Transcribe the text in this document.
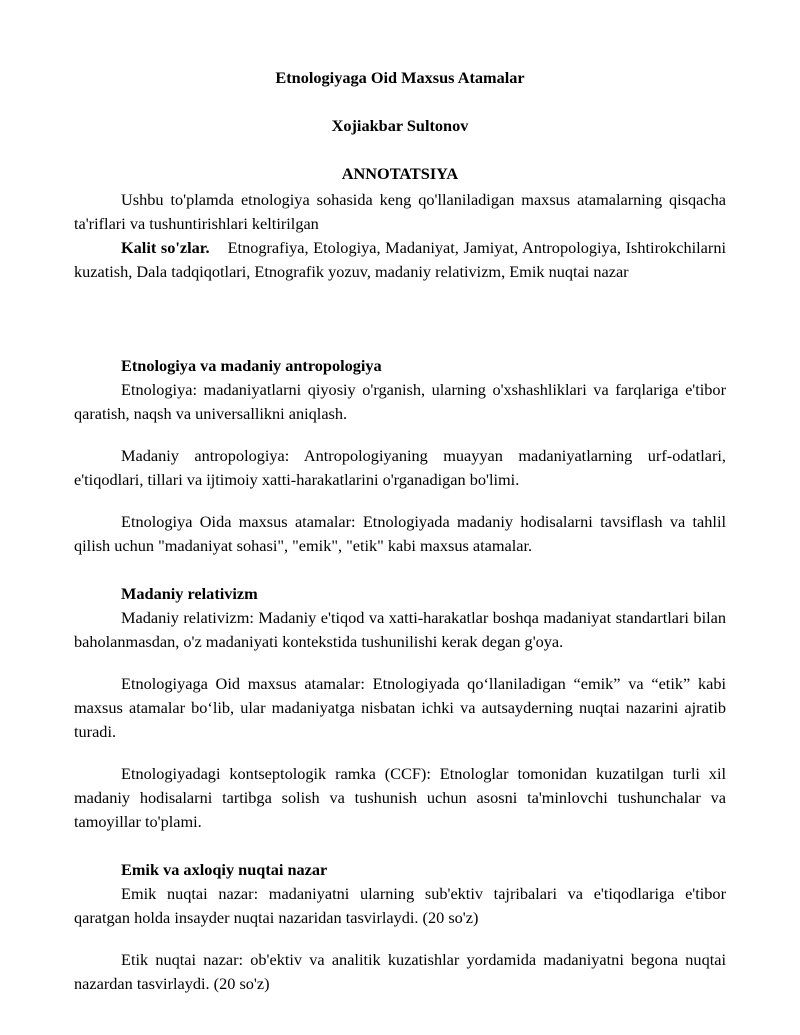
Etnologiyaga Oid Maxsus Atamalar

Xojiakbar Sultonov

ANNOTATSIYA

Ushbu to'plamda etnologiya sohasida keng qo'llaniladigan maxsus atamalarning qisqacha ta'riflari va tushuntirishlari keltirilgan

Kalit so'zlar. Etnografiya, Etologiya, Madaniyat, Jamiyat, Antropologiya, Ishtirokchilarni kuzatish, Dala tadqiqotlari, Etnografik yozuv, madaniy relativizm, Emik nuqtai nazar

Etnologiya va madaniy antropologiya

Etnologiya: madaniyatlarni qiyosiy o'rganish, ularning o'xshashliklari va farqlariga e'tibor qaratish, naqsh va universallikni aniqlash.

Madaniy antropologiya: Antropologiyaning muayyan madaniyatlarning urf-odatlari, e'tiqodlari, tillari va ijtimoiy xatti-harakatlarini o'rganadigan bo'limi.

Etnologiya Oida maxsus atamalar: Etnologiyada madaniy hodisalarni tavsiflash va tahlil qilish uchun "madaniyat sohasi", "emik", "etik" kabi maxsus atamalar.

Madaniy relativizm

Madaniy relativizm: Madaniy e'tiqod va xatti-harakatlar boshqa madaniyat standartlari bilan baholanmasdan, o'z madaniyati kontekstida tushunilishi kerak degan g'oya.

Etnologiyaga Oid maxsus atamalar: Etnologiyada qo‘llaniladigan “emik” va “etik” kabi maxsus atamalar bo‘lib, ular madaniyatga nisbatan ichki va autsayderning nuqtai nazarini ajratib turadi.

Etnologiyadagi kontseptologik ramka (CCF): Etnologlar tomonidan kuzatilgan turli xil madaniy hodisalarni tartibga solish va tushunish uchun asosni ta'minlovchi tushunchalar va tamoyillar to'plami.

Emik va axloqiy nuqtai nazar

Emik nuqtai nazar: madaniyatni ularning sub'ektiv tajribalari va e'tiqodlariga e'tibor qaratgan holda insayder nuqtai nazaridan tasvirlaydi. (20 so'z)

Etik nuqtai nazar: ob'ektiv va analitik kuzatishlar yordamida madaniyatni begona nuqtai nazardan tasvirlaydi. (20 so'z)
